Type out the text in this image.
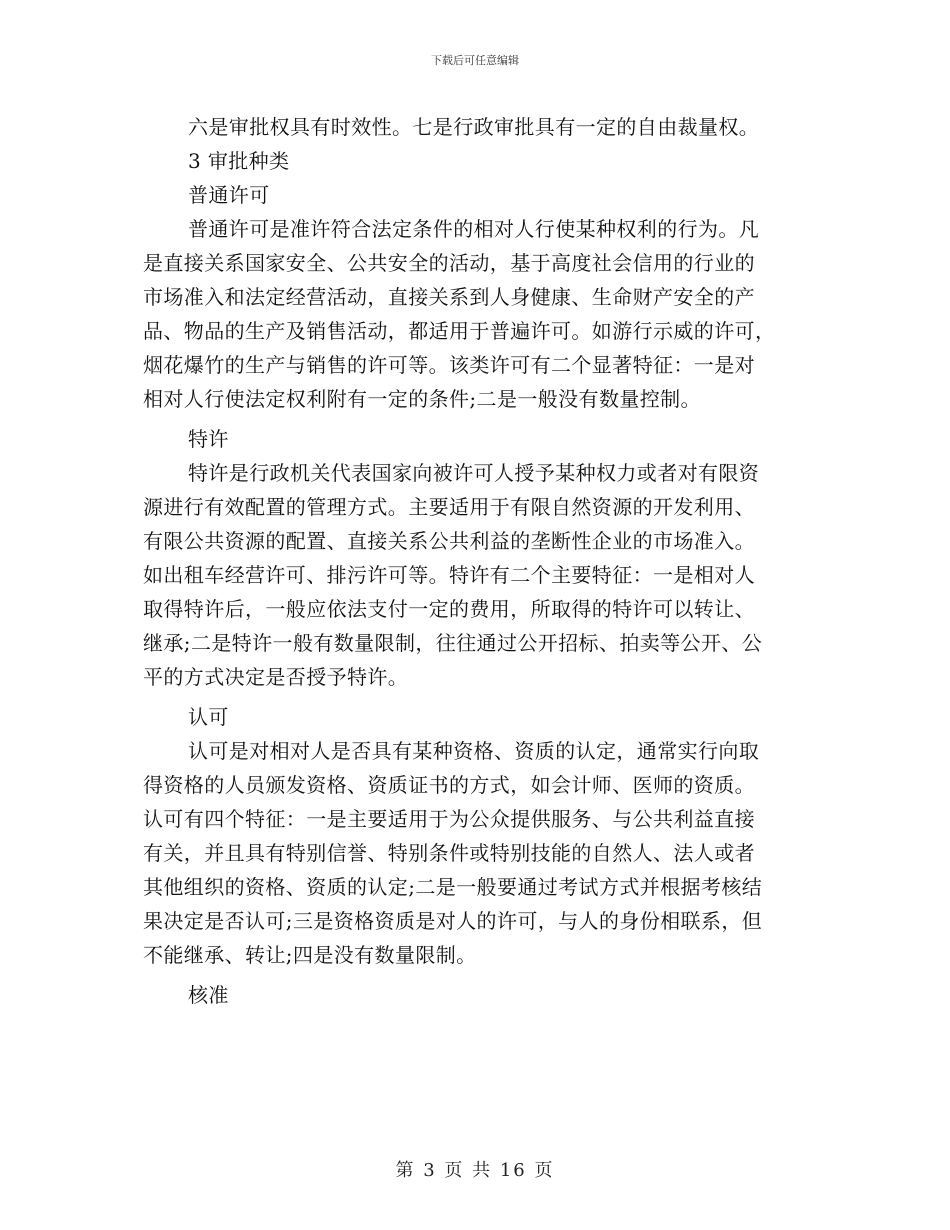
下载后可任意编辑
六是审批权具有时效性。七是行政审批具有一定的自由裁量权。
3 审批种类
普通许可
普通许可是准许符合法定条件的相对人行使某种权利的行为。凡
是直接关系国家安全、公共安全的活动，基于高度社会信用的行业的
市场准入和法定经营活动，直接关系到人身健康、生命财产安全的产
品、物品的生产及销售活动，都适用于普遍许可。如游行示威的许可，
烟花爆竹的生产与销售的许可等。该类许可有二个显著特征：一是对
相对人行使法定权利附有一定的条件;二是一般没有数量控制。
特许
特许是行政机关代表国家向被许可人授予某种权力或者对有限资
源进行有效配置的管理方式。主要适用于有限自然资源的开发利用、
有限公共资源的配置、直接关系公共利益的垄断性企业的市场准入。
如出租车经营许可、排污许可等。特许有二个主要特征：一是相对人
取得特许后，一般应依法支付一定的费用，所取得的特许可以转让、
继承;二是特许一般有数量限制，往往通过公开招标、拍卖等公开、公
平的方式决定是否授予特许。
认可
认可是对相对人是否具有某种资格、资质的认定，通常实行向取
得资格的人员颁发资格、资质证书的方式，如会计师、医师的资质。
认可有四个特征：一是主要适用于为公众提供服务、与公共利益直接
有关，并且具有特别信誉、特别条件或特别技能的自然人、法人或者
其他组织的资格、资质的认定;二是一般要通过考试方式并根据考核结
果决定是否认可;三是资格资质是对人的许可，与人的身份相联系，但
不能继承、转让;四是没有数量限制。
核准
第 3 页 共 16 页
